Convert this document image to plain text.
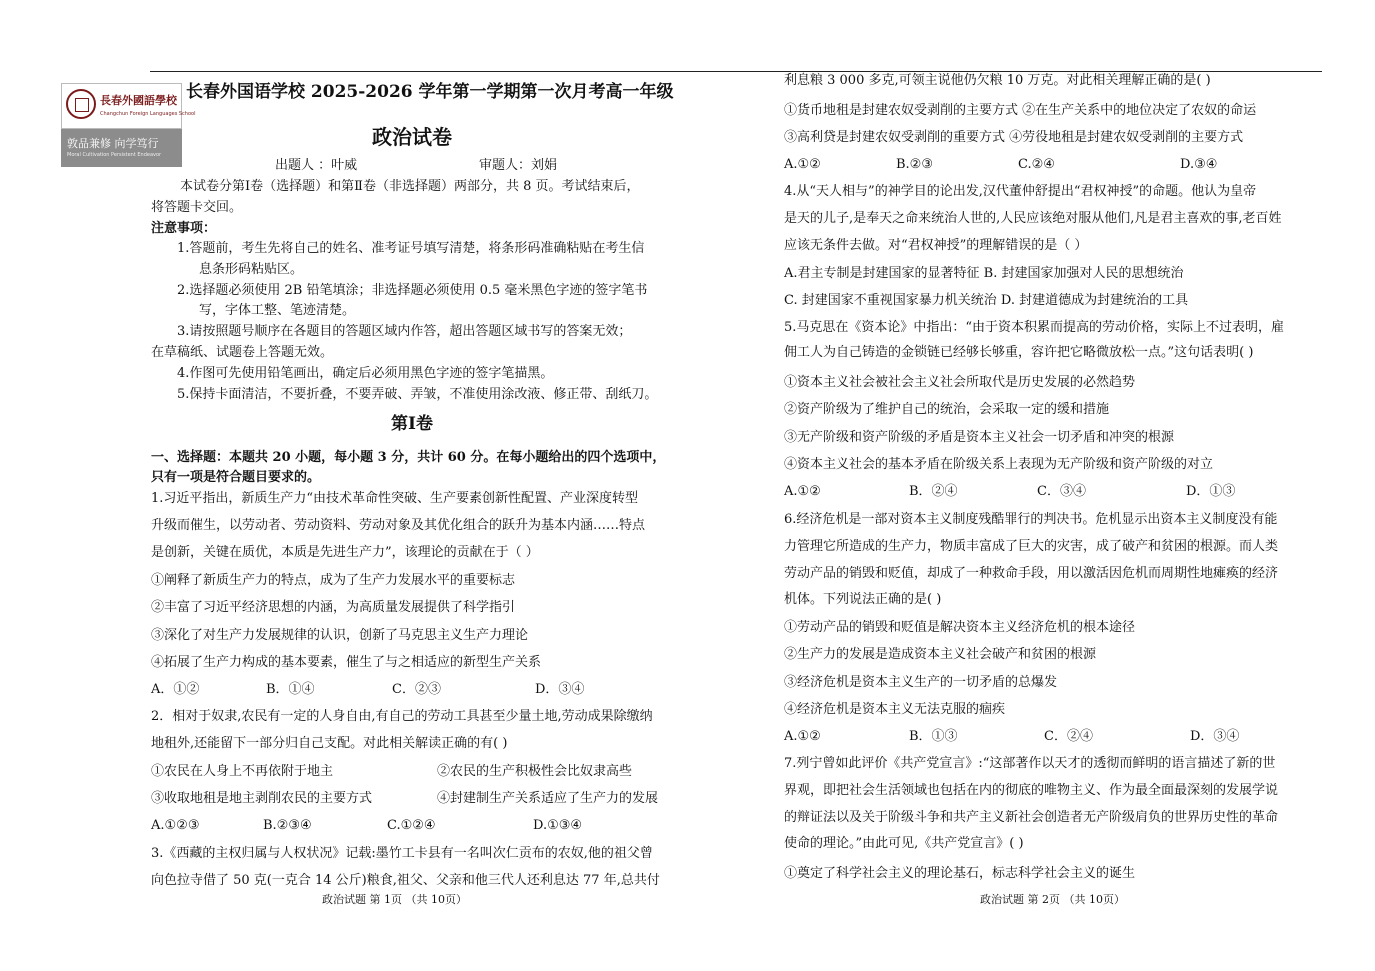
長春外國語學校
Changchun Foreign Languages School
敦品兼修 向学笃行
Moral Cultivation Persistent Endeavor
长春外国语学校 2025-2026 学年第一学期第一次月考高一年级
政治试卷
出题人 ：叶威	审题人：刘娟
本试卷分第Ⅰ卷（选择题）和第Ⅱ卷（非选择题）两部分，共 8 页。考试结束后，
将答题卡交回。
注意事项：
1.答题前，考生先将自己的姓名、准考证号填写清楚，将条形码准确粘贴在考生信
息条形码粘贴区。
2.选择题必须使用 2B 铅笔填涂；非选择题必须使用 0.5 毫米黑色字迹的签字笔书
写，字体工整、笔迹清楚。
3.请按照题号顺序在各题目的答题区域内作答，超出答题区域书写的答案无效；
在草稿纸、试题卷上答题无效。
4.作图可先使用铅笔画出，确定后必须用黑色字迹的签字笔描黑。
5.保持卡面清洁，不要折叠，不要弄破、弄皱，不准使用涂改液、修正带、刮纸刀。
第Ⅰ卷
一、选择题：本题共 20 小题，每小题 3 分，共计 60 分。在每小题给出的四个选项中，
只有一项是符合题目要求的。
1.习近平指出，新质生产力“由技术革命性突破、生产要素创新性配置、产业深度转型
升级而催生，以劳动者、劳动资料、劳动对象及其优化组合的跃升为基本内涵……特点
是创新，关键在质优，本质是先进生产力”，该理论的贡献在于（ ）
①阐释了新质生产力的特点，成为了生产力发展水平的重要标志
②丰富了习近平经济思想的内涵，为高质量发展提供了科学指引
③深化了对生产力发展规律的认识，创新了马克思主义生产力理论
④拓展了生产力构成的基本要素，催生了与之相适应的新型生产关系
A．①②	B．①④	C．②③	D．③④
2．相对于奴隶,农民有一定的人身自由,有自己的劳动工具甚至少量土地,劳动成果除缴纳
地租外,还能留下一部分归自己支配。对此相关解读正确的有( )
①农民在人身上不再依附于地主	②农民的生产积极性会比奴隶高些
③收取地租是地主剥削农民的主要方式	④封建制生产关系适应了生产力的发展
A.①②③	B.②③④	C.①②④	D.①③④
3.《西藏的主权归属与人权状况》记载:墨竹工卡县有一名叫次仁贡布的农奴,他的祖父曾
向色拉寺借了 50 克(一克合 14 公斤)粮食,祖父、父亲和他三代人还利息达 77 年,总共付
政治试题 第 1页 （共 10页）
利息粮 3 000 多克,可领主说他仍欠粮 10 万克。对此相关理解正确的是( )
①货币地租是封建农奴受剥削的主要方式 ②在生产关系中的地位决定了农奴的命运
③高利贷是封建农奴受剥削的重要方式 ④劳役地租是封建农奴受剥削的主要方式
A.①②	B.②③	C.②④	D.③④
4.从“天人相与”的神学目的论出发,汉代董仲舒提出“君权神授”的命题。他认为皇帝
是天的儿子,是奉天之命来统治人世的,人民应该绝对服从他们,凡是君主喜欢的事,老百姓
应该无条件去做。对“君权神授”的理解错误的是（ ）
A.君主专制是封建国家的显著特征 B. 封建国家加强对人民的思想统治
C. 封建国家不重视国家暴力机关统治 D. 封建道德成为封建统治的工具
5.马克思在《资本论》中指出：“由于资本积累而提高的劳动价格，实际上不过表明，雇
佣工人为自己铸造的金锁链已经够长够重，容许把它略微放松一点。”这句话表明( )
①资本主义社会被社会主义社会所取代是历史发展的必然趋势
②资产阶级为了维护自己的统治，会采取一定的缓和措施
③无产阶级和资产阶级的矛盾是资本主义社会一切矛盾和冲突的根源
④资本主义社会的基本矛盾在阶级关系上表现为无产阶级和资产阶级的对立
A.①②	B．②④	C．③④	D．①③
6.经济危机是一部对资本主义制度残酷罪行的判决书。危机显示出资本主义制度没有能
力管理它所造成的生产力，物质丰富成了巨大的灾害，成了破产和贫困的根源。而人类
劳动产品的销毁和贬值，却成了一种救命手段，用以激活因危机而周期性地瘫痪的经济
机体。下列说法正确的是( )
①劳动产品的销毁和贬值是解决资本主义经济危机的根本途径
②生产力的发展是造成资本主义社会破产和贫困的根源
③经济危机是资本主义生产的一切矛盾的总爆发
④经济危机是资本主义无法克服的痼疾
A.①②	B．①③	C．②④	D．③④
7.列宁曾如此评价《共产党宣言》:“这部著作以天才的透彻而鲜明的语言描述了新的世
界观，即把社会生活领域也包括在内的彻底的唯物主义、作为最全面最深刻的发展学说
的辩证法以及关于阶级斗争和共产主义新社会创造者无产阶级肩负的世界历史性的革命
使命的理论。”由此可见,《共产党宣言》( )
①奠定了科学社会主义的理论基石，标志科学社会主义的诞生
政治试题 第 2页 （共 10页）
